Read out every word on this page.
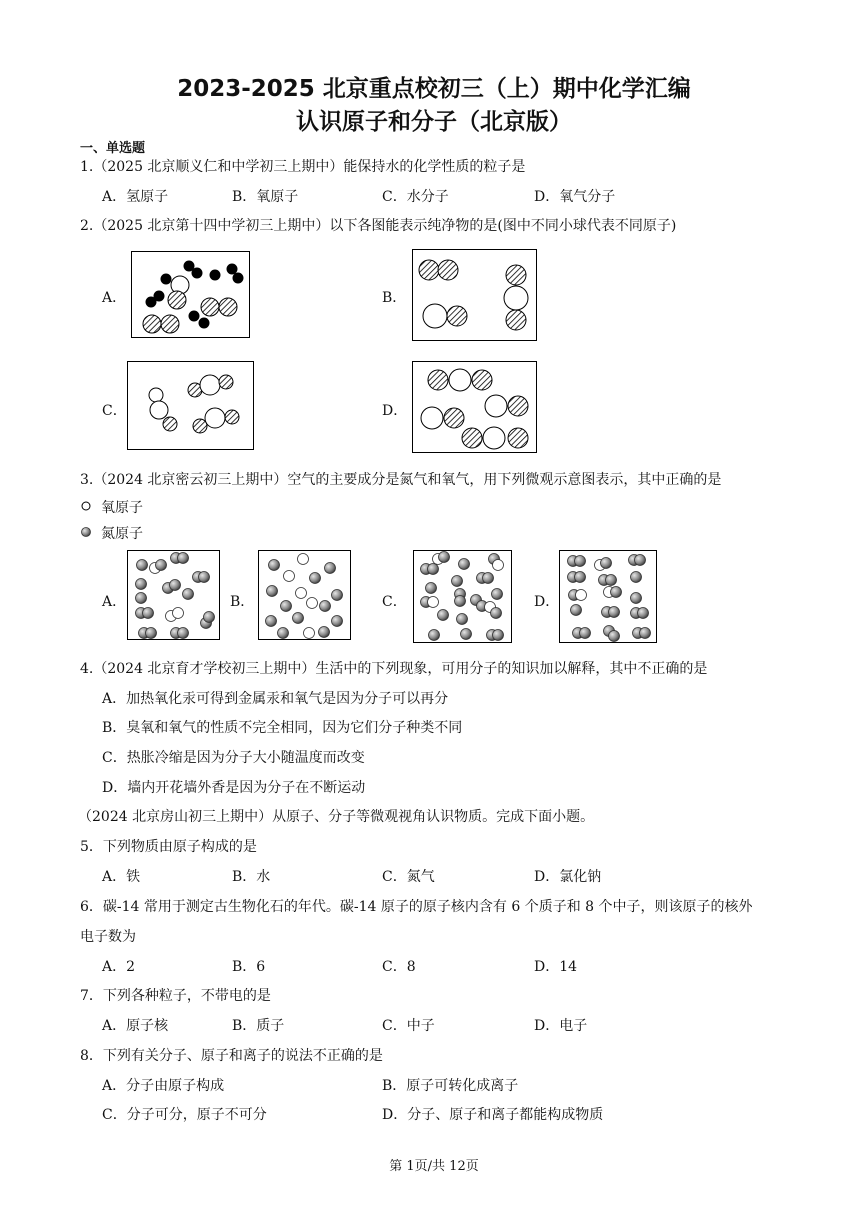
2023-2025 北京重点校初三（上）期中化学汇编
认识原子和分子（北京版）
一、单选题
1.（2025 北京顺义仁和中学初三上期中）能保持水的化学性质的粒子是
A．氢原子	B．氧原子	C．水分子	D．氧气分子
2.（2025 北京第十四中学初三上期中）以下各图能表示纯净物的是(图中不同小球代表不同原子)
A．	B．
C．	D．
3.（2024 北京密云初三上期中）空气的主要成分是氮气和氧气，用下列微观示意图表示，其中正确的是
氧原子
氮原子
A．	B．	C．	D．
4.（2024 北京育才学校初三上期中）生活中的下列现象，可用分子的知识加以解释，其中不正确的是
A．加热氧化汞可得到金属汞和氧气是因为分子可以再分
B．臭氧和氧气的性质不完全相同，因为它们分子种类不同
C．热胀冷缩是因为分子大小随温度而改变
D．墙内开花墙外香是因为分子在不断运动
（2024 北京房山初三上期中）从原子、分子等微观视角认识物质。完成下面小题。
5．下列物质由原子构成的是
A．铁	B．水	C．氮气	D．氯化钠
6．碳-14 常用于测定古生物化石的年代。碳-14 原子的原子核内含有 6 个质子和 8 个中子，则该原子的核外
电子数为
A．2	B．6	C．8	D．14
7．下列各种粒子，不带电的是
A．原子核	B．质子	C．中子	D．电子
8．下列有关分子、原子和离子的说法不正确的是
A．分子由原子构成	B．原子可转化成离子
C．分子可分，原子不可分	D．分子、原子和离子都能构成物质
第 1页/共 12页
